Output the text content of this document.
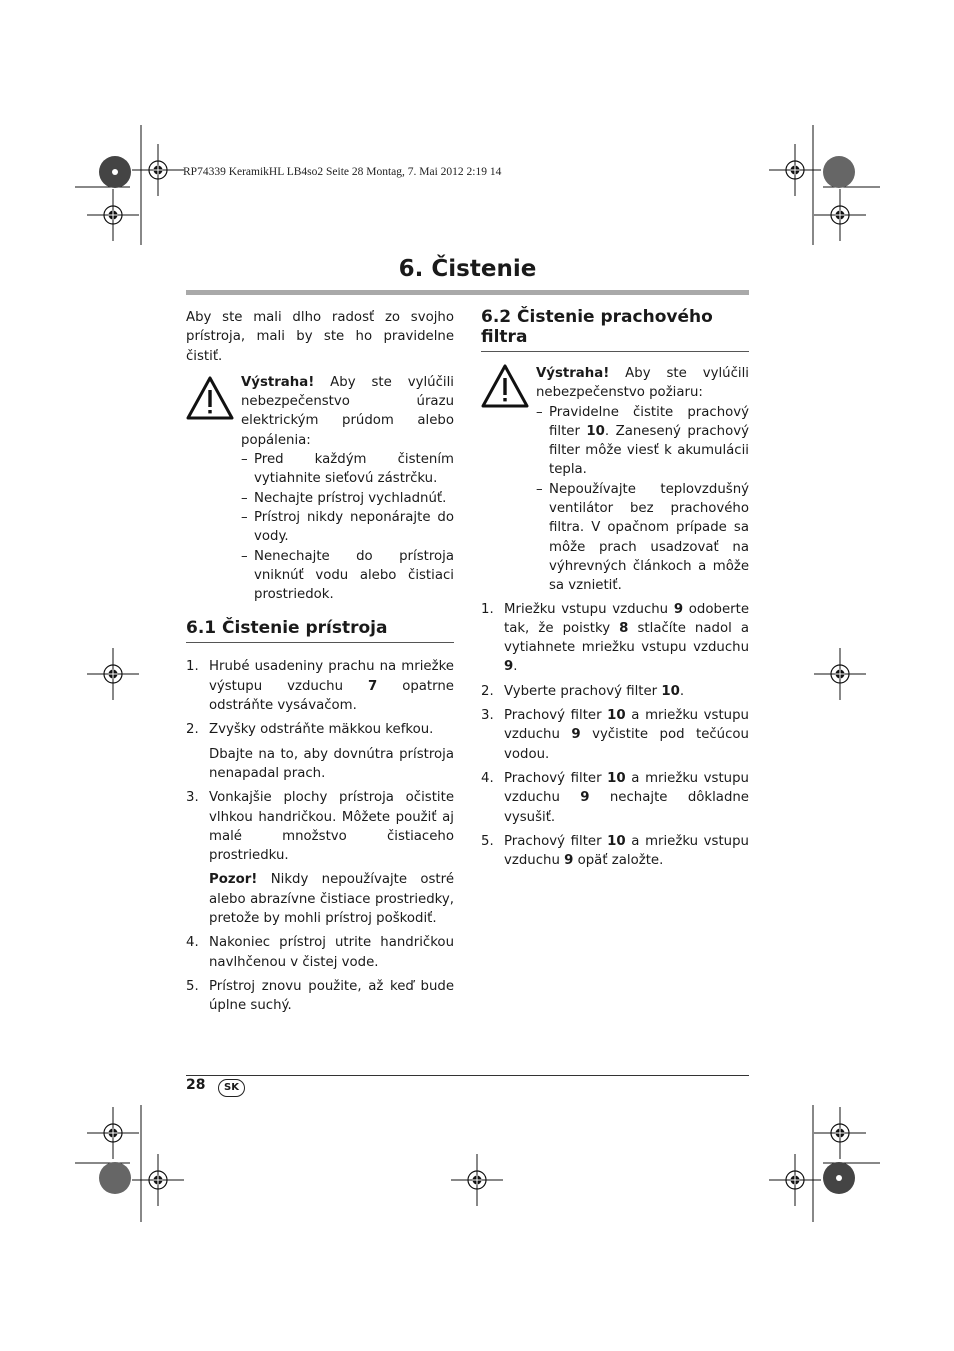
RP74339 KeramikHL LB4so2 Seite 28 Montag, 7. Mai 2012 2:19 14
6. Čistenie

Aby ste mali dlho radosť zo svojho prístroja, mali by ste ho pravidelne čistiť.

Výstraha! Aby ste vylúčili nebezpečenstvo úrazu elektrickým prúdom alebo popálenia:

– Pred každým čistením vytiahnite sieťovú zástrčku.
– Nechajte prístroj vychladnúť.
– Prístroj nikdy neponárajte do vody.
– Nenechajte do prístroja vniknúť vodu alebo čistiaci prostriedok.
6.1 Čistenie prístroja
1. Hrubé usadeniny prachu na mriežke výstupu vzduchu 7 opatrne odstráňte vysávačom.
2. Zvyšky odstráňte mäkkou kefkou.

Dbajte na to, aby dovnútra prístroja nenapadal prach.

3. Vonkajšie plochy prístroja očistite vlhkou handričkou. Môžete použiť aj malé množstvo čistiaceho prostriedku.

Pozor! Nikdy nepoužívajte ostré alebo abrazívne čistiace prostriedky, pretože by mohli prístroj poškodiť.

4. Nakoniec prístroj utrite handričkou navlhčenou v čistej vode.
5. Prístroj znovu použite, až keď bude úplne suchý.
6.2 Čistenie prachového filtra

Výstraha! Aby ste vylúčili nebezpečenstvo požiaru:

– Pravidelne čistite prachový filter 10. Zanesený prachový filter môže viesť k akumulácii tepla.
– Nepoužívajte teplovzdušný ventilátor bez prachového filtra. V opačnom prípade sa môže prach usadzovať na výhrevných článkoch a môže sa vznietiť.
1. Mriežku vstupu vzduchu 9 odoberte tak, že poistky 8 stlačíte nadol a vytiahnete mriežku vstupu vzduchu 9.
2. Vyberte prachový filter 10.
3. Prachový filter 10 a mriežku vstupu vzduchu 9 vyčistite pod tečúcou vodou.
4. Prachový filter 10 a mriežku vstupu vzduchu 9 nechajte dôkladne vysušiť.
5. Prachový filter 10 a mriežku vstupu vzduchu 9 opäť založte.
28	SK
